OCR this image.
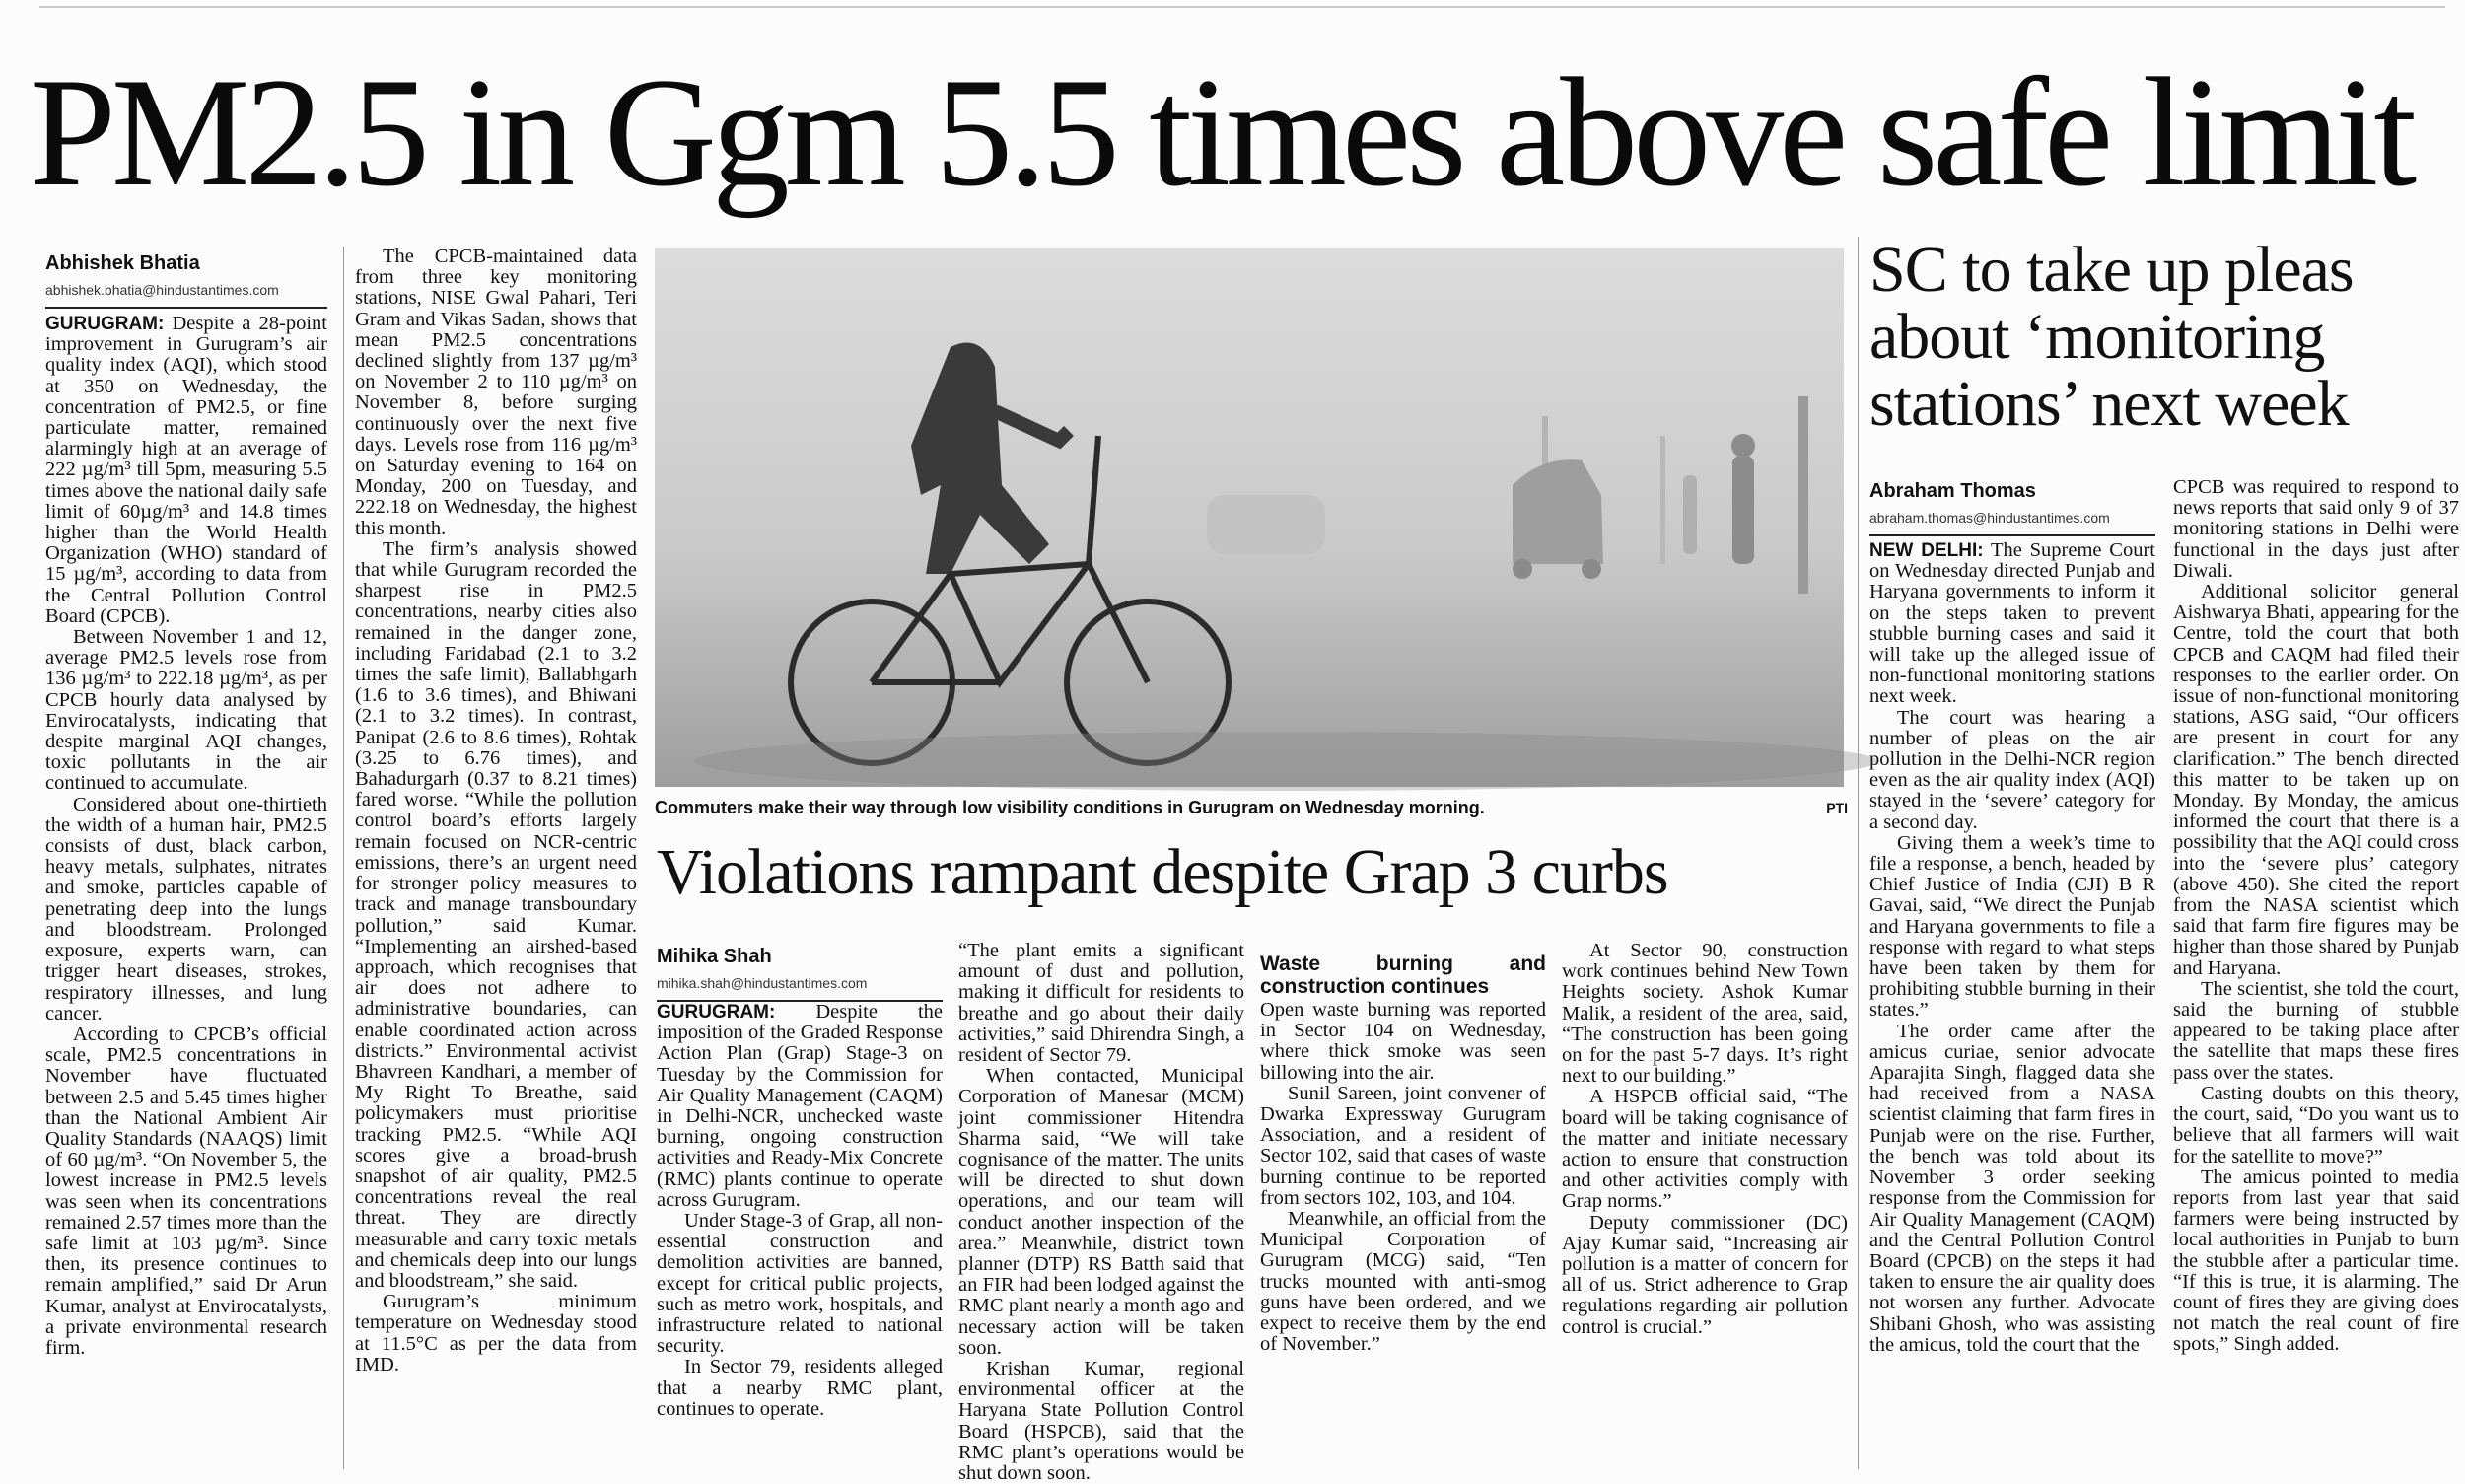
PM2.5 in Ggm 5.5 times above safe limit

Abhishek Bhatia

abhishek.bhatia@hindustantimes.com

GURUGRAM: Despite a 28-point improvement in Gurugram’s air quality index (AQI), which stood at 350 on Wednesday, the concentration of PM2.5, or fine particulate matter, remained alarmingly high at an average of 222 µg/m³ till 5pm, measuring 5.5 times above the national daily safe limit of 60µg/m³ and 14.8 times higher than the World Health Organization (WHO) standard of 15 µg/m³, according to data from the Central Pollution Control Board (CPCB).

Between November 1 and 12, average PM2.5 levels rose from 136 µg/m³ to 222.18 µg/m³, as per CPCB hourly data analysed by Envirocatalysts, indicating that despite marginal AQI changes, toxic pollutants in the air continued to accumulate.

Considered about one-thirtieth the width of a human hair, PM2.5 consists of dust, black carbon, heavy metals, sulphates, nitrates and smoke, particles capable of penetrating deep into the lungs and bloodstream. Prolonged exposure, experts warn, can trigger heart diseases, strokes, respiratory illnesses, and lung cancer.

According to CPCB’s official scale, PM2.5 concentrations in November have fluctuated between 2.5 and 5.45 times higher than the National Ambient Air Quality Standards (NAAQS) limit of 60 µg/m³. “On November 5, the lowest increase in PM2.5 levels was seen when its concentrations remained 2.57 times more than the safe limit at 103 µg/m³. Since then, its presence continues to remain amplified,” said Dr Arun Kumar, analyst at Envirocatalysts, a private environmental research firm.

The CPCB-maintained data from three key monitoring stations, NISE Gwal Pahari, Teri Gram and Vikas Sadan, shows that mean PM2.5 concentrations declined slightly from 137 µg/m³ on November 2 to 110 µg/m³ on November 8, before surging continuously over the next five days. Levels rose from 116 µg/m³ on Saturday evening to 164 on Monday, 200 on Tuesday, and 222.18 on Wednesday, the highest this month.

The firm’s analysis showed that while Gurugram recorded the sharpest rise in PM2.5 concentrations, nearby cities also remained in the danger zone, including Faridabad (2.1 to 3.2 times the safe limit), Ballabhgarh (1.6 to 3.6 times), and Bhiwani (2.1 to 3.2 times). In contrast, Panipat (2.6 to 8.6 times), Rohtak (3.25 to 6.76 times), and Bahadurgarh (0.37 to 8.21 times) fared worse. “While the pollution control board’s efforts largely remain focused on NCR-centric emissions, there’s an urgent need for stronger policy measures to track and manage transboundary pollution,” said Kumar. “Implementing an airshed-based approach, which recognises that air does not adhere to administrative boundaries, can enable coordinated action across districts.” Environmental activist Bhavreen Kandhari, a member of My Right To Breathe, said policymakers must prioritise tracking PM2.5. “While AQI scores give a broad-brush snapshot of air quality, PM2.5 concentrations reveal the real threat. They are directly measurable and carry toxic metals and chemicals deep into our lungs and bloodstream,” she said.

Gurugram’s minimum temperature on Wednesday stood at 11.5°C as per the data from IMD.

Commuters make their way through low visibility conditions in Gurugram on Wednesday morning.	PTI
Violations rampant despite Grap 3 curbs

Mihika Shah

mihika.shah@hindustantimes.com

GURUGRAM: Despite the imposition of the Graded Response Action Plan (Grap) Stage-3 on Tuesday by the Commission for Air Quality Management (CAQM) in Delhi-NCR, unchecked waste burning, ongoing construction activities and Ready-Mix Concrete (RMC) plants continue to operate across Gurugram.

Under Stage-3 of Grap, all non-essential construction and demolition activities are banned, except for critical public projects, such as metro work, hospitals, and infrastructure related to national security.

In Sector 79, residents alleged that a nearby RMC plant, continues to operate.

“The plant emits a significant amount of dust and pollution, making it difficult for residents to breathe and go about their daily activities,” said Dhirendra Singh, a resident of Sector 79.

When contacted, Municipal Corporation of Manesar (MCM) joint commissioner Hitendra Sharma said, “We will take cognisance of the matter. The units will be directed to shut down operations, and our team will conduct another inspection of the area.” Meanwhile, district town planner (DTP) RS Batth said that an FIR had been lodged against the RMC plant nearly a month ago and necessary action will be taken soon.

Krishan Kumar, regional environmental officer at the Haryana State Pollution Control Board (HSPCB), said that the RMC plant’s operations would be shut down soon.

Waste burning and construction continues

Open waste burning was reported in Sector 104 on Wednesday, where thick smoke was seen billowing into the air.

Sunil Sareen, joint convener of Dwarka Expressway Gurugram Association, and a resident of Sector 102, said that cases of waste burning continue to be reported from sectors 102, 103, and 104.

Meanwhile, an official from the Municipal Corporation of Gurugram (MCG) said, “Ten trucks mounted with anti-smog guns have been ordered, and we expect to receive them by the end of November.”

At Sector 90, construction work continues behind New Town Heights society. Ashok Kumar Malik, a resident of the area, said, “The construction has been going on for the past 5-7 days. It’s right next to our building.”

A HSPCB official said, “The board will be taking cognisance of the matter and initiate necessary action to ensure that construction and other activities comply with Grap norms.”

Deputy commissioner (DC) Ajay Kumar said, “Increasing air pollution is a matter of concern for all of us. Strict adherence to Grap regulations regarding air pollution control is crucial.”

SC to take up pleas about ‘monitoring stations’ next week

Abraham Thomas

abraham.thomas@hindustantimes.com

NEW DELHI: The Supreme Court on Wednesday directed Punjab and Haryana governments to inform it on the steps taken to prevent stubble burning cases and said it will take up the alleged issue of non-functional monitoring stations next week.

The court was hearing a number of pleas on the air pollution in the Delhi-NCR region even as the air quality index (AQI) stayed in the ‘severe’ category for a second day.

Giving them a week’s time to file a response, a bench, headed by Chief Justice of India (CJI) B R Gavai, said, “We direct the Punjab and Haryana governments to file a response with regard to what steps have been taken by them for prohibiting stubble burning in their states.”

The order came after the amicus curiae, senior advocate Aparajita Singh, flagged data she had received from a NASA scientist claiming that farm fires in Punjab were on the rise. Further, the bench was told about its November 3 order seeking response from the Commission for Air Quality Management (CAQM) and the Central Pollution Control Board (CPCB) on the steps it had taken to ensure the air quality does not worsen any further. Advocate Shibani Ghosh, who was assisting the amicus, told the court that the

CPCB was required to respond to news reports that said only 9 of 37 monitoring stations in Delhi were functional in the days just after Diwali.

Additional solicitor general Aishwarya Bhati, appearing for the Centre, told the court that both CPCB and CAQM had filed their responses to the earlier order. On issue of non-functional monitoring stations, ASG said, “Our officers are present in court for any clarification.” The bench directed this matter to be taken up on Monday. By Monday, the amicus informed the court that there is a possibility that the AQI could cross into the ‘severe plus’ category (above 450). She cited the report from the NASA scientist which said that farm fire figures may be higher than those shared by Punjab and Haryana.

The scientist, she told the court, said the burning of stubble appeared to be taking place after the satellite that maps these fires pass over the states.

Casting doubts on this theory, the court, said, “Do you want us to believe that all farmers will wait for the satellite to move?”

The amicus pointed to media reports from last year that said farmers were being instructed by local authorities in Punjab to burn the stubble after a particular time. “If this is true, it is alarming. The count of fires they are giving does not match the real count of fire spots,” Singh added.
